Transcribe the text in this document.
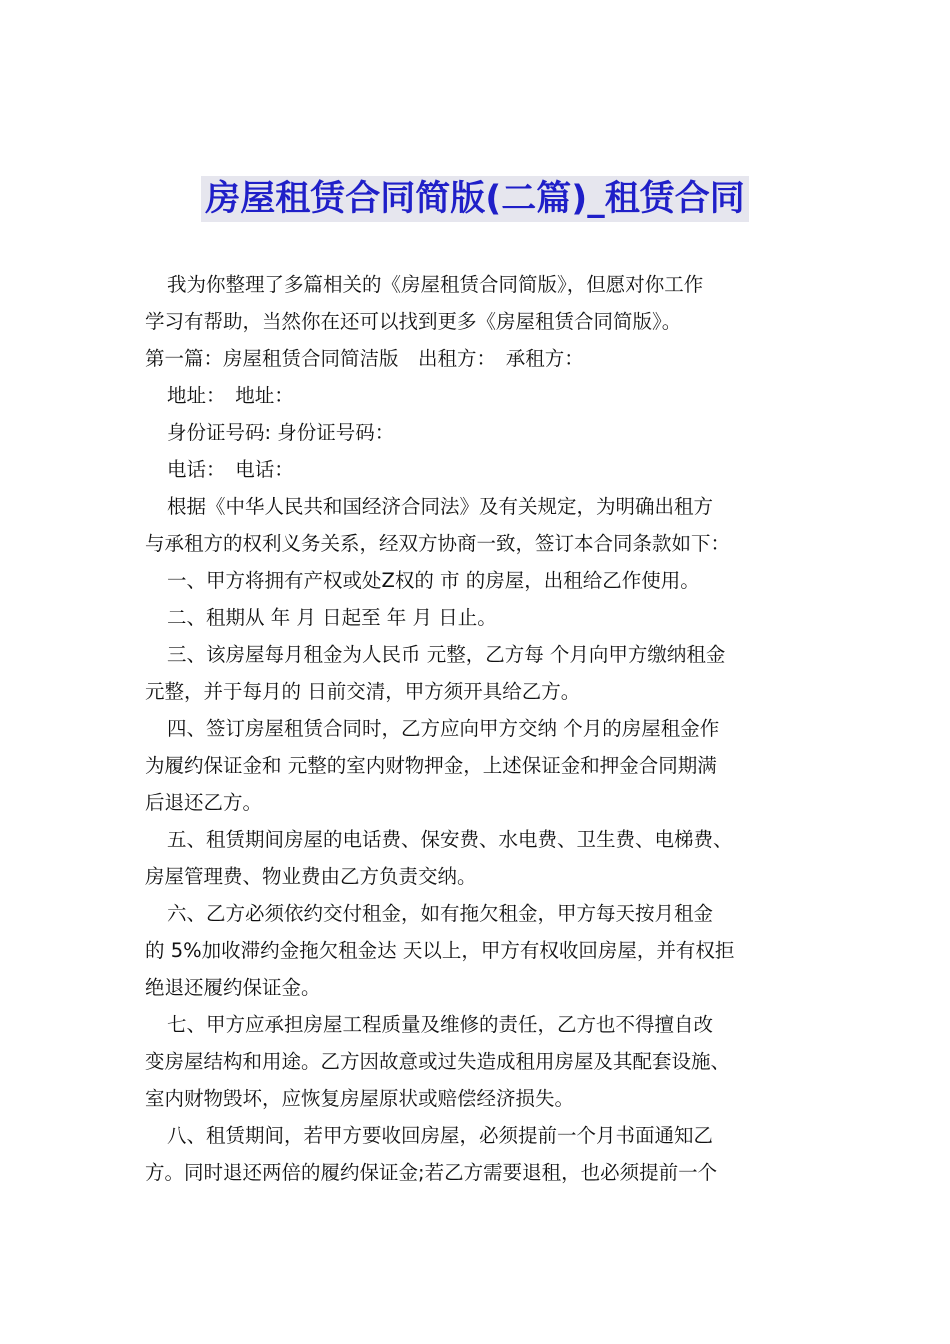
房屋租赁合同简版(二篇)_租赁合同

我为你整理了多篇相关的《房屋租赁合同简版》，但愿对你工作

学习有帮助，当然你在还可以找到更多《房屋租赁合同简版》。

第一篇：房屋租赁合同简洁版　出租方：　承租方：

地址：　地址：

身份证号码: 身份证号码：

电话：　电话：

根据《中华人民共和国经济合同法》及有关规定，为明确出租方

与承租方的权利义务关系，经双方协商一致，签订本合同条款如下：

一、甲方将拥有产权或处Z权的 市 的房屋，出租给乙作使用。

二、租期从 年 月 日起至 年 月 日止。

三、该房屋每月租金为人民币 元整，乙方每 个月向甲方缴纳租金

元整，并于每月的 日前交清，甲方须开具给乙方。

四、签订房屋租赁合同时，乙方应向甲方交纳 个月的房屋租金作

为履约保证金和 元整的室内财物押金，上述保证金和押金合同期满

后退还乙方。

五、租赁期间房屋的电话费、保安费、水电费、卫生费、电梯费、

房屋管理费、物业费由乙方负责交纳。

六、乙方必须依约交付租金，如有拖欠租金，甲方每天按月租金

的 5%加收滞约金拖欠租金达 天以上，甲方有权收回房屋，并有权拒

绝退还履约保证金。

七、甲方应承担房屋工程质量及维修的责任，乙方也不得擅自改

变房屋结构和用途。乙方因故意或过失造成租用房屋及其配套设施、

室内财物毁坏，应恢复房屋原状或赔偿经济损失。

八、租赁期间，若甲方要收回房屋，必须提前一个月书面通知乙

方。同时退还两倍的履约保证金;若乙方需要退租，也必须提前一个
